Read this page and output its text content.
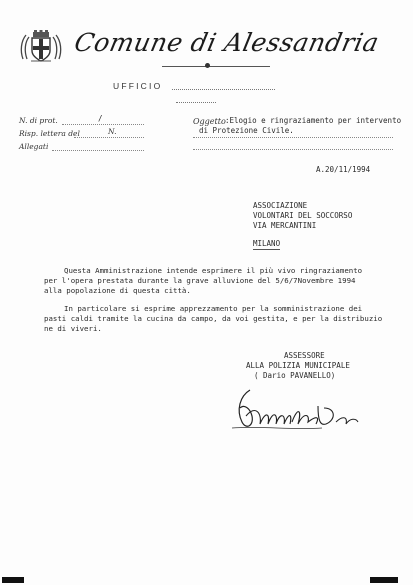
Comune di Alessandria
UFFICIO
N. di prot.	/
Risp. lettera del	N.
Allegati
Oggetto :Elogio e ringraziamento per intervento
di Protezione Civile.
A.20/11/1994
ASSOCIAZIONE
VOLONTARI DEL SOCCORSO
VIA MERCANTINI
MILANO
Questa Amministrazione intende esprimere il più vivo ringraziamento
per l'opera prestata durante la grave alluvione del 5/6/7Novembre 1994
alla popolazione di questa città.
In particolare si esprime apprezzamento per la somministrazione dei
pasti caldi tramite la cucina da campo, da voi gestita, e per la distribuzio
ne di viveri.
ASSESSORE
ALLA POLIZIA MUNICIPALE
( Dario PAVANELLO)
